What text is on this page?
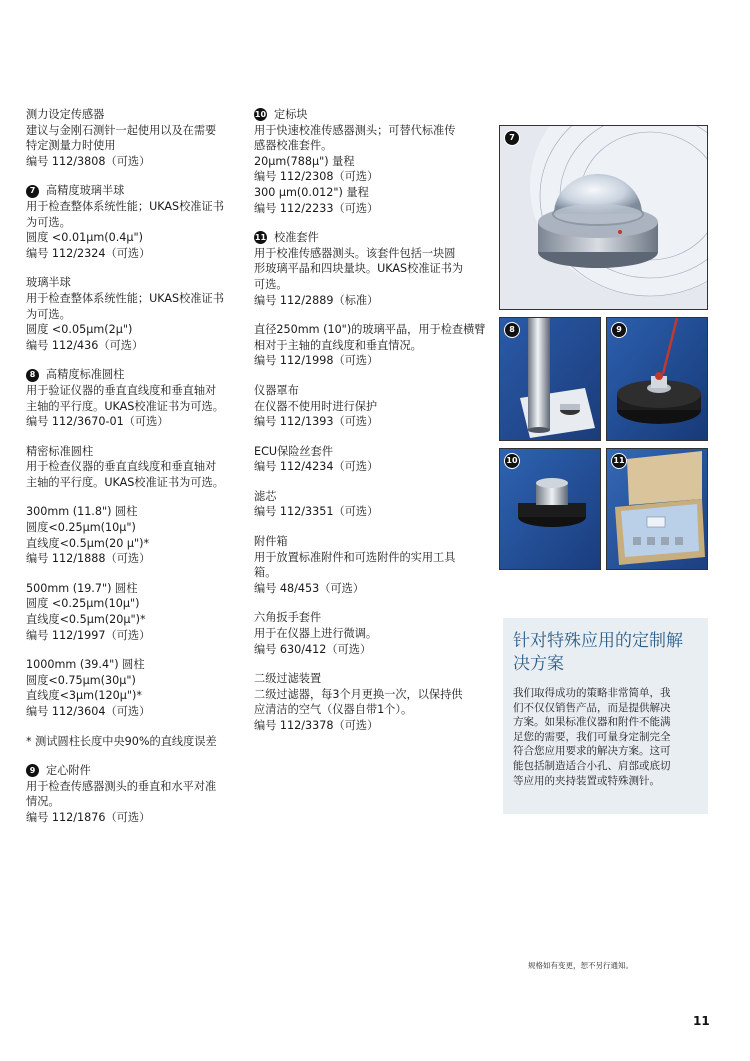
测力设定传感器
建议与金刚石测针一起使用以及在需要
特定测量力时使用
编号 112/3808（可选）
7 高精度玻璃半球
用于检查整体系统性能；UKAS校准证书
为可选。
圆度 <0.01μm(0.4μ")
编号 112/2324（可选）
玻璃半球
用于检查整体系统性能；UKAS校准证书
为可选。
圆度 <0.05μm(2μ")
编号 112/436（可选）
8 高精度标准圆柱
用于验证仪器的垂直直线度和垂直轴对
主轴的平行度。UKAS校准证书为可选。
编号 112/3670-01（可选）
精密标准圆柱
用于检查仪器的垂直直线度和垂直轴对
主轴的平行度。UKAS校准证书为可选。
300mm (11.8") 圆柱
圆度<0.25μm(10μ")
直线度<0.5μm(20 μ")*
编号 112/1888（可选）
500mm (19.7") 圆柱
圆度 <0.25μm(10μ")
直线度<0.5μm(20μ")*
编号 112/1997（可选）
1000mm (39.4") 圆柱
圆度<0.75μm(30μ")
直线度<3μm(120μ")*
编号 112/3604（可选）
* 测试圆柱长度中央90%的直线度误差
9 定心附件
用于检查传感器测头的垂直和水平对准
情况。
编号 112/1876（可选）
10 定标块
用于快速校准传感器测头；可替代标准传
感器校准套件。
20μm(788μ") 量程
编号 112/2308（可选）
300 μm(0.012") 量程
编号 112/2233（可选）
11 校准套件
用于校准传感器测头。该套件包括一块圆
形玻璃平晶和四块量块。UKAS校准证书为
可选。
编号 112/2889（标准）
直径250mm (10")的玻璃平晶，用于检查横臂
相对于主轴的直线度和垂直情况。
编号 112/1998（可选）
仪器罩布
在仪器不使用时进行保护
编号 112/1393（可选）
ECU保险丝套件
编号 112/4234（可选）
滤芯
编号 112/3351（可选）
附件箱
用于放置标准附件和可选附件的实用工具
箱。
编号 48/453（可选）
六角扳手套件
用于在仪器上进行微调。
编号 630/412（可选）
二级过滤装置
二级过滤器，每3个月更换一次，以保持供
应清洁的空气（仪器自带1个）。
编号 112/3378（可选）
7
8	9
10	11
针对特殊应用的定制解
决方案
我们取得成功的策略非常简单，我
们不仅仅销售产品，而是提供解决
方案。如果标准仪器和附件不能满
足您的需要，我们可量身定制完全
符合您应用要求的解决方案。这可
能包括制造适合小孔、肩部或底切
等应用的夹持装置或特殊测针。
规格如有变更，恕不另行通知。
11
